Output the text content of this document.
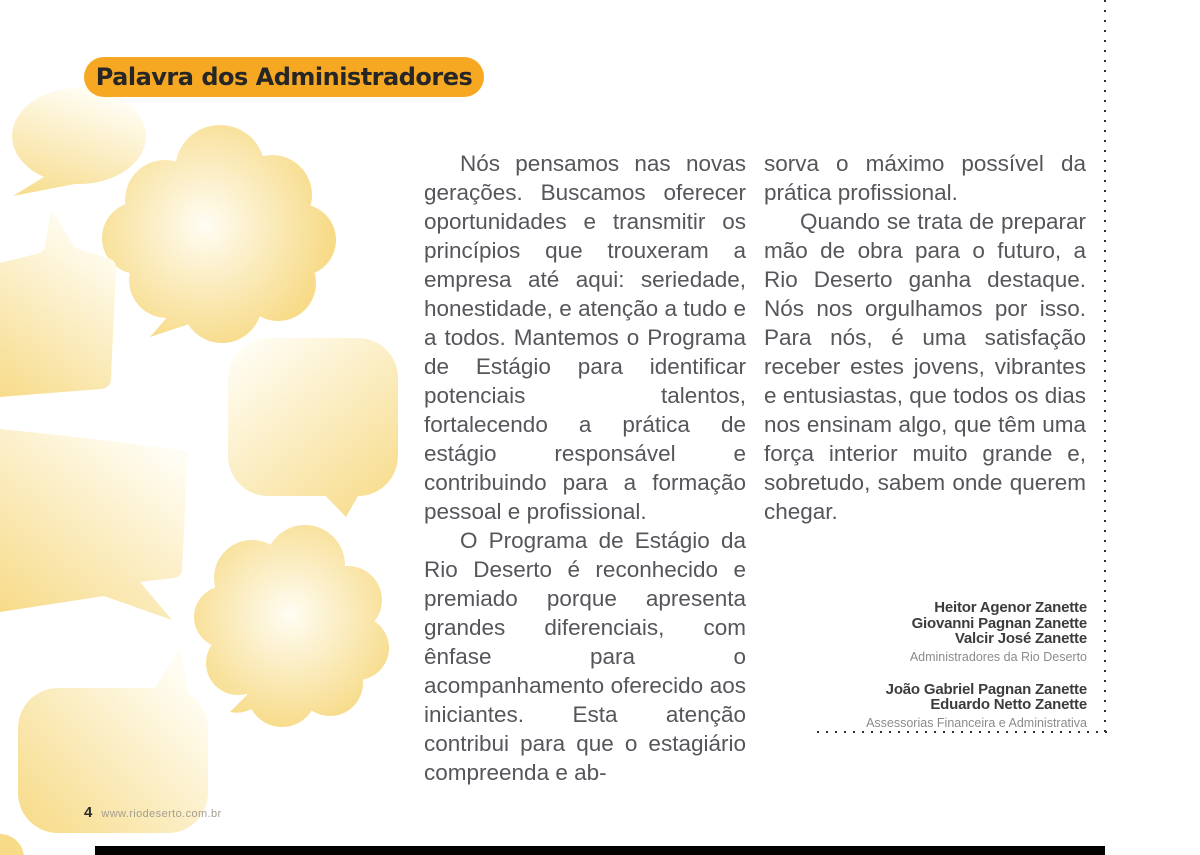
Palavra dos Administradores

Nós pensamos nas novas gerações. Buscamos oferecer oportunidades e transmitir os princípios que trouxeram a empresa até aqui: seriedade, honestidade, e atenção a tudo e a todos. Mantemos o Programa de Estágio para identificar potenciais talentos, fortalecendo a prática de estágio responsável e contribuindo para a formação pessoal e profissional.

O Programa de Estágio da Rio Deserto é reconhecido e premiado porque apresenta grandes diferenciais, com ênfase para o acompanhamento oferecido aos iniciantes. Esta atenção contribui para que o estagiário compreenda e ab-

sorva o máximo possível da prática profissional.

Quando se trata de preparar mão de obra para o futuro, a Rio Deserto ganha destaque. Nós nos orgulhamos por isso. Para nós, é uma satisfação receber estes jovens, vibrantes e entusiastas, que todos os dias nos ensinam algo, que têm uma força interior muito grande e, sobretudo, sabem onde querem chegar.

Heitor Agenor Zanette
Giovanni Pagnan Zanette
Valcir José Zanette
Administradores da Rio Deserto
João Gabriel Pagnan Zanette
Eduardo Netto Zanette
Assessorias Financeira e Administrativa
4 www.riodeserto.com.br
